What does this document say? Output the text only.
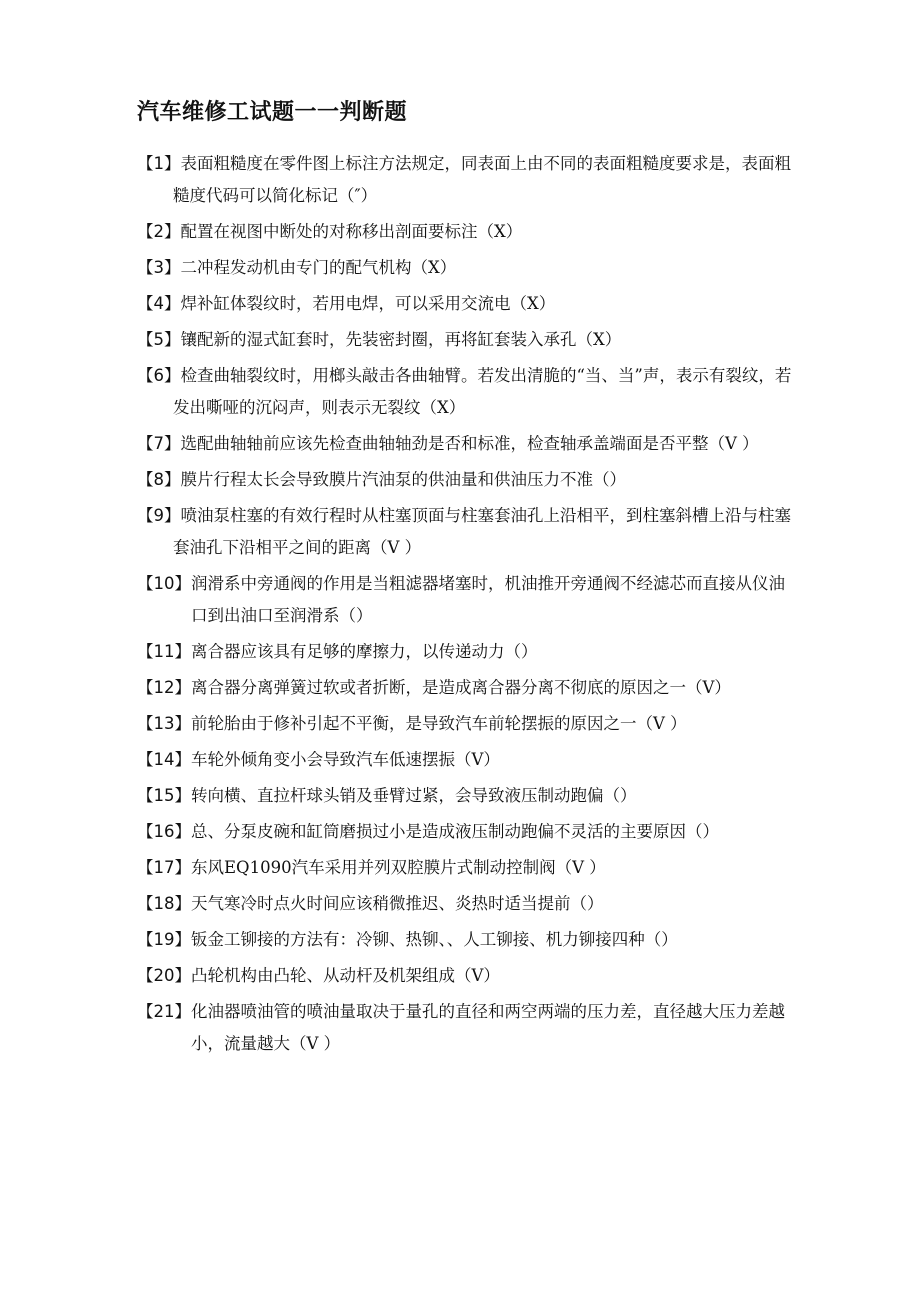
汽车维修工试题一一判断题
【1】表面粗糙度在零件图上标注方法规定，同表面上由不同的表面粗糙度要求是，表面粗糙度代码可以简化标记（″）
【2】配置在视图中断处的对称移出剖面要标注（X）
【3】二冲程发动机由专门的配气机构（X）
【4】焊补缸体裂纹时，若用电焊，可以采用交流电（X）
【5】镶配新的湿式缸套时，先装密封圈，再将缸套装入承孔（X）
【6】检查曲轴裂纹时，用榔头敲击各曲轴臂。若发出清脆的“当、当”声，表示有裂纹，若发出嘶哑的沉闷声，则表示无裂纹（X）
【7】选配曲轴轴前应该先检查曲轴轴劲是否和标准，检查轴承盖端面是否平整（V ）
【8】膜片行程太长会导致膜片汽油泵的供油量和供油压力不准（）
【9】喷油泵柱塞的有效行程时从柱塞顶面与柱塞套油孔上沿相平，到柱塞斜槽上沿与柱塞套油孔下沿相平之间的距离（V ）
【10】润滑系中旁通阀的作用是当粗滤器堵塞时，机油推开旁通阀不经滤芯而直接从仪油口到出油口至润滑系（）
【11】离合器应该具有足够的摩擦力，以传递动力（）
【12】离合器分离弹簧过软或者折断，是造成离合器分离不彻底的原因之一（V）
【13】前轮胎由于修补引起不平衡，是导致汽车前轮摆振的原因之一（V ）
【14】车轮外倾角变小会导致汽车低速摆振（V）
【15】转向横、直拉杆球头销及垂臂过紧，会导致液压制动跑偏（）
【16】总、分泵皮碗和缸筒磨损过小是造成液压制动跑偏不灵活的主要原因（）
【17】东风EQ1090汽车采用并列双腔膜片式制动控制阀（V ）
【18】天气寒冷时点火时间应该稍微推迟、炎热时适当提前（）
【19】钣金工铆接的方法有：冷铆、热铆、、人工铆接、机力铆接四种（）
【20】凸轮机构由凸轮、从动杆及机架组成（V）
【21】化油器喷油管的喷油量取决于量孔的直径和两空两端的压力差，直径越大压力差越小，流量越大（V ）
